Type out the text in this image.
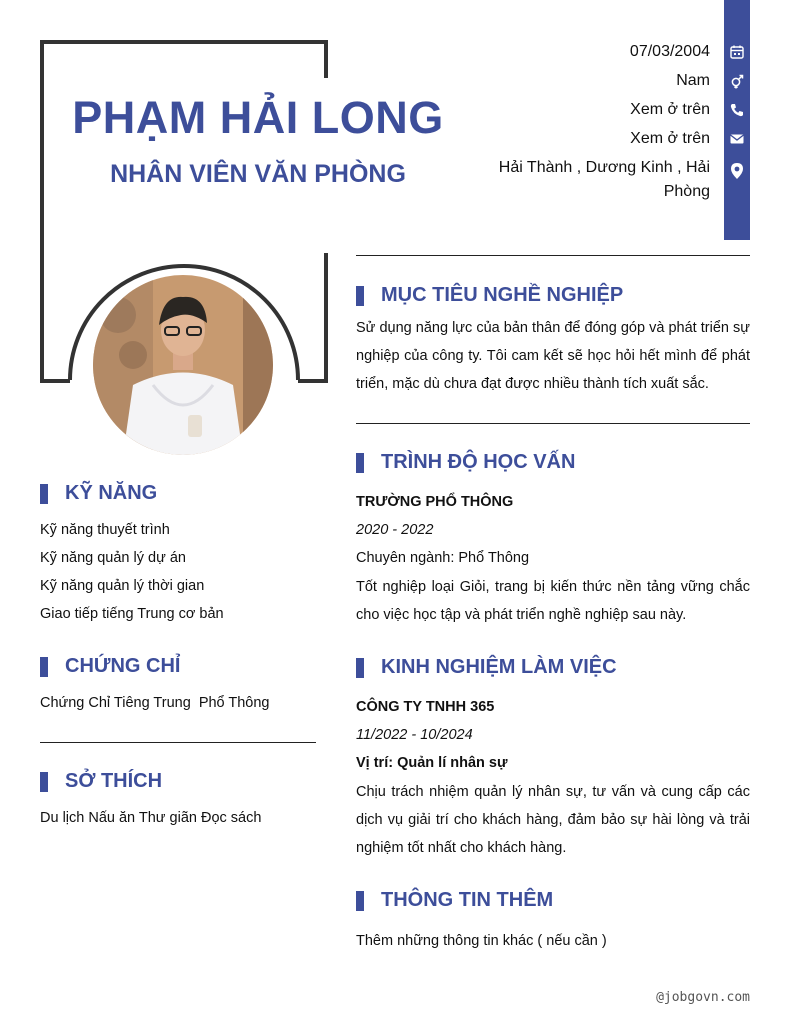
PHẠM HẢI LONG
NHÂN VIÊN VĂN PHÒNG
07/03/2004
Nam
Xem ở trên
Xem ở trên
Hải Thành , Dương Kinh , Hải Phòng
MỤC TIÊU NGHỀ NGHIỆP
Sử dụng năng lực của bản thân để đóng góp và phát triển sự nghiệp của công ty. Tôi cam kết sẽ học hỏi hết mình để phát triển, mặc dù chưa đạt được nhiều thành tích xuất sắc.
TRÌNH ĐỘ HỌC VẤN
TRƯỜNG PHỔ THÔNG
2020 - 2022
Chuyên ngành: Phổ Thông
Tốt nghiệp loại Giỏi, trang bị kiến thức nền tảng vững chắc cho việc học tập và phát triển nghề nghiệp sau này.
KINH NGHIỆM LÀM VIỆC
CÔNG TY TNHH 365
11/2022 - 10/2024
Vị trí: Quản lí nhân sự
Chịu trách nhiệm quản lý nhân sự, tư vấn và cung cấp các dịch vụ giải trí cho khách hàng, đảm bảo sự hài lòng và trải nghiệm tốt nhất cho khách hàng.
THÔNG TIN THÊM
Thêm những thông tin khác ( nếu cần )
KỸ NĂNG
Kỹ năng thuyết trình
Kỹ năng quản lý dự án
Kỹ năng quản lý thời gian
Giao tiếp tiếng Trung cơ bản
CHỨNG CHỈ
Chứng Chỉ Tiêng Trung  Phổ Thông
SỞ THÍCH
Du lịch Nấu ăn Thư giãn Đọc sách
@jobgovn.com
